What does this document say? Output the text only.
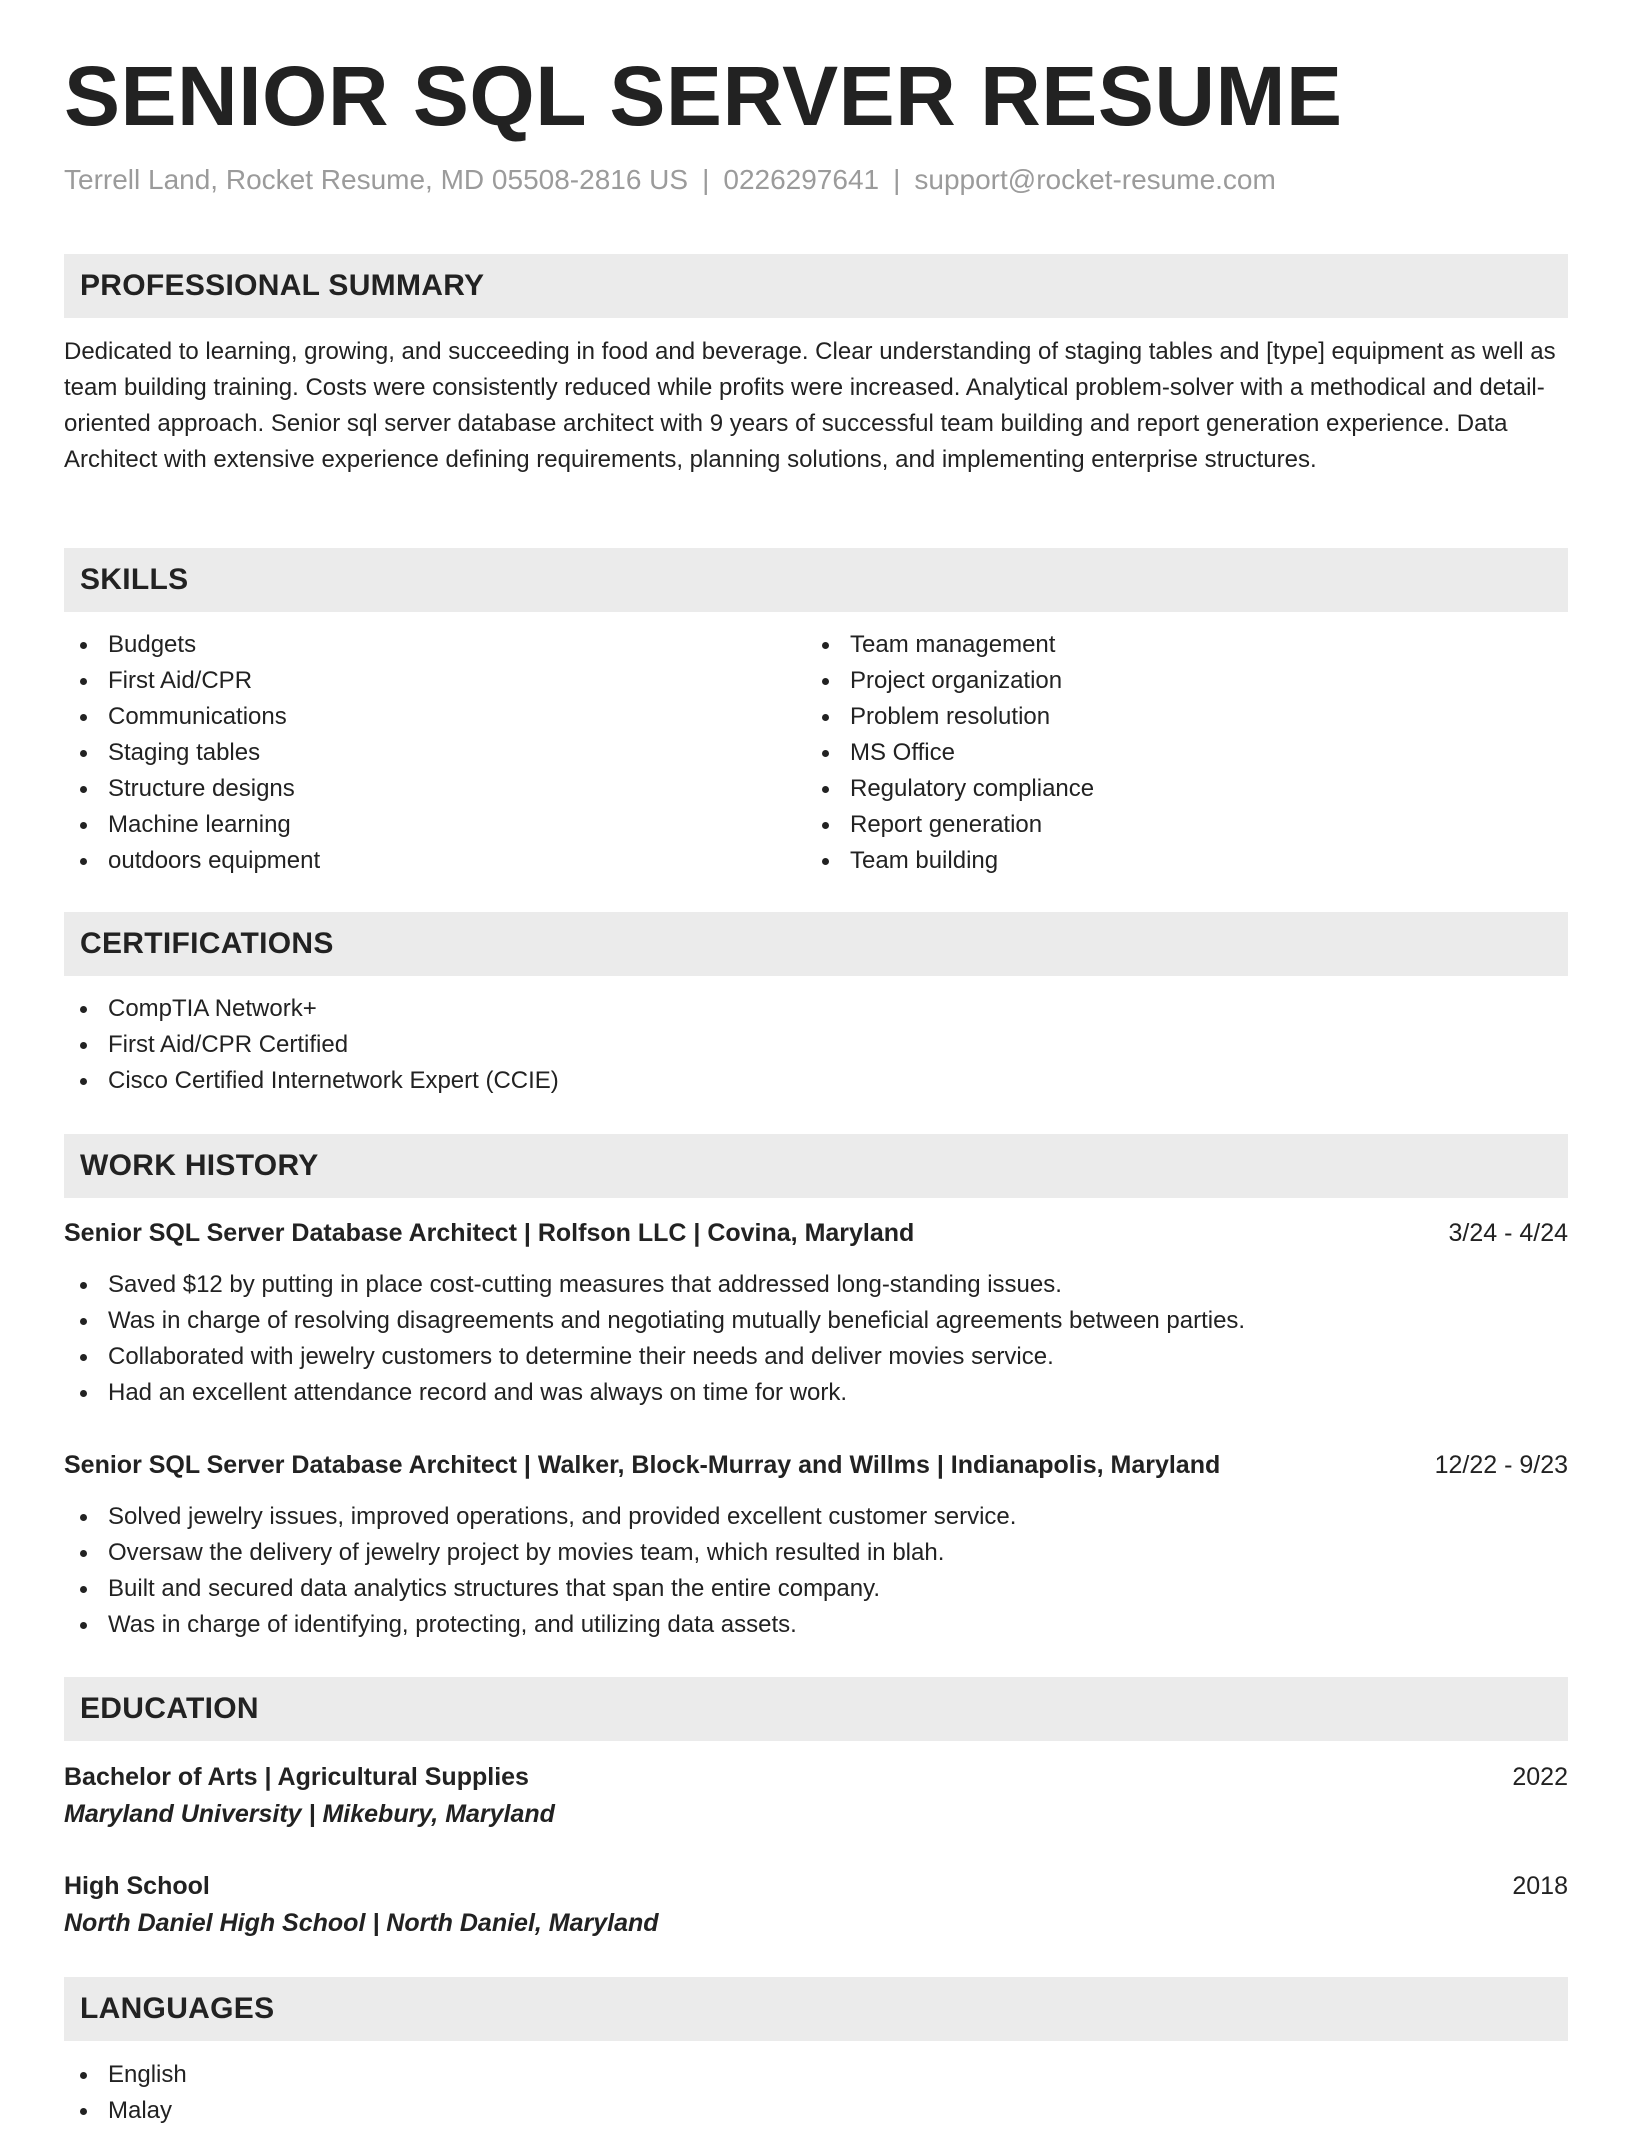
SENIOR SQL SERVER RESUME
Terrell Land, Rocket Resume, MD 05508-2816 US | 0226297641 | support@rocket-resume.com
PROFESSIONAL SUMMARY
Dedicated to learning, growing, and succeeding in food and beverage. Clear understanding of staging tables and [type] equipment as well as team building training. Costs were consistently reduced while profits were increased. Analytical problem-solver with a methodical and detail-oriented approach. Senior sql server database architect with 9 years of successful team building and report generation experience. Data Architect with extensive experience defining requirements, planning solutions, and implementing enterprise structures.
SKILLS
Budgets
First Aid/CPR
Communications
Staging tables
Structure designs
Machine learning
outdoors equipment
Team management
Project organization
Problem resolution
MS Office
Regulatory compliance
Report generation
Team building
CERTIFICATIONS
CompTIA Network+
First Aid/CPR Certified
Cisco Certified Internetwork Expert (CCIE)
WORK HISTORY
Senior SQL Server Database Architect | Rolfson LLC | Covina, Maryland	3/24 - 4/24
Saved $12 by putting in place cost-cutting measures that addressed long-standing issues.
Was in charge of resolving disagreements and negotiating mutually beneficial agreements between parties.
Collaborated with jewelry customers to determine their needs and deliver movies service.
Had an excellent attendance record and was always on time for work.
Senior SQL Server Database Architect | Walker, Block-Murray and Willms | Indianapolis, Maryland	12/22 - 9/23
Solved jewelry issues, improved operations, and provided excellent customer service.
Oversaw the delivery of jewelry project by movies team, which resulted in blah.
Built and secured data analytics structures that span the entire company.
Was in charge of identifying, protecting, and utilizing data assets.
EDUCATION
Bachelor of Arts | Agricultural Supplies	2022
Maryland University | Mikebury, Maryland
High School	2018
North Daniel High School | North Daniel, Maryland
LANGUAGES
English
Malay
